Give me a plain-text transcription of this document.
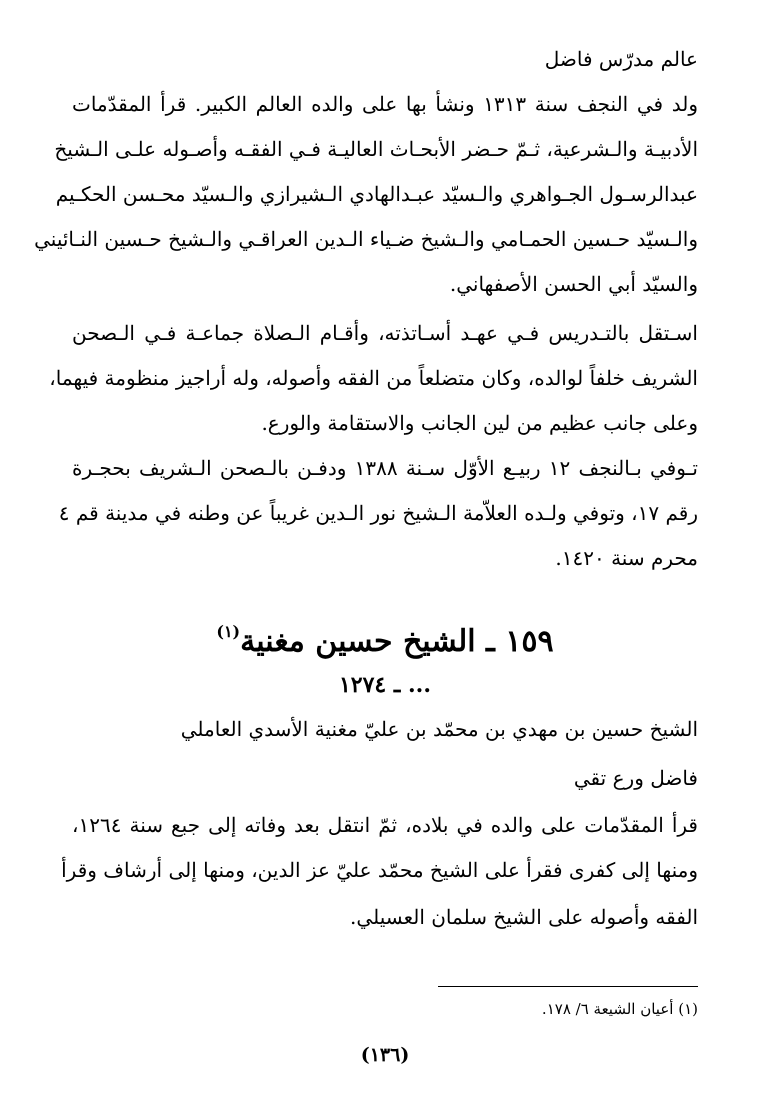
عالم مدرّس فاضل
ولد في النجف سنة ١٣١٣ ونشأ بها على والده العالم الكبير. قرأ المقدّمات
الأدبيـة والـشرعية، ثـمّ حـضر الأبحـاث العاليـة فـي الفقـه وأصـوله علـى الـشيخ
عبدالرسـول الجـواهري والـسيّد عبـدالهادي الـشيرازي والـسيّد محـسن الحكـيم
والـسيّد حـسين الحمـامي والـشيخ ضـياء الـدين العراقـي والـشيخ حـسين النـائيني
والسيّد أبي الحسن الأصفهاني.
اسـتقل بالتـدريس فـي عهـد أسـاتذته، وأقـام الـصلاة جماعـة فـي الـصحن
الشريف خلفاً لوالده، وكان متضلعاً من الفقه وأصوله، وله أراجيز منظومة فيهما،
وعلى جانب عظيم من لين الجانب والاستقامة والورع.
تـوفي بـالنجف ١٢ ربيـع الأوّل سـنة ١٣٨٨ ودفـن بالـصحن الـشريف بحجـرة
رقم ١٧، وتوفي ولـده العلاّمة الـشيخ نور الـدين غريباً عن وطنه في مدينة قم ٤
محرم سنة ١٤٢٠.
١٥٩ ـ الشيخ حسين مغنية$^{(١)}$
... ـ ١٢٧٤
الشيخ حسين بن مهدي بن محمّد بن عليّ مغنية الأسدي العاملي
فاضل ورع تقي
قرأ المقدّمات على والده في بلاده، ثمّ انتقل بعد وفاته إلى جبع سنة ١٢٦٤،
ومنها إلى كفرى فقرأ على الشيخ محمّد عليّ عز الدين، ومنها إلى أرشاف وقرأ
الفقه وأصوله على الشيخ سلمان العسيلي.
(١) أعيان الشيعة ٦/ ١٧٨.
(١٣٦)
